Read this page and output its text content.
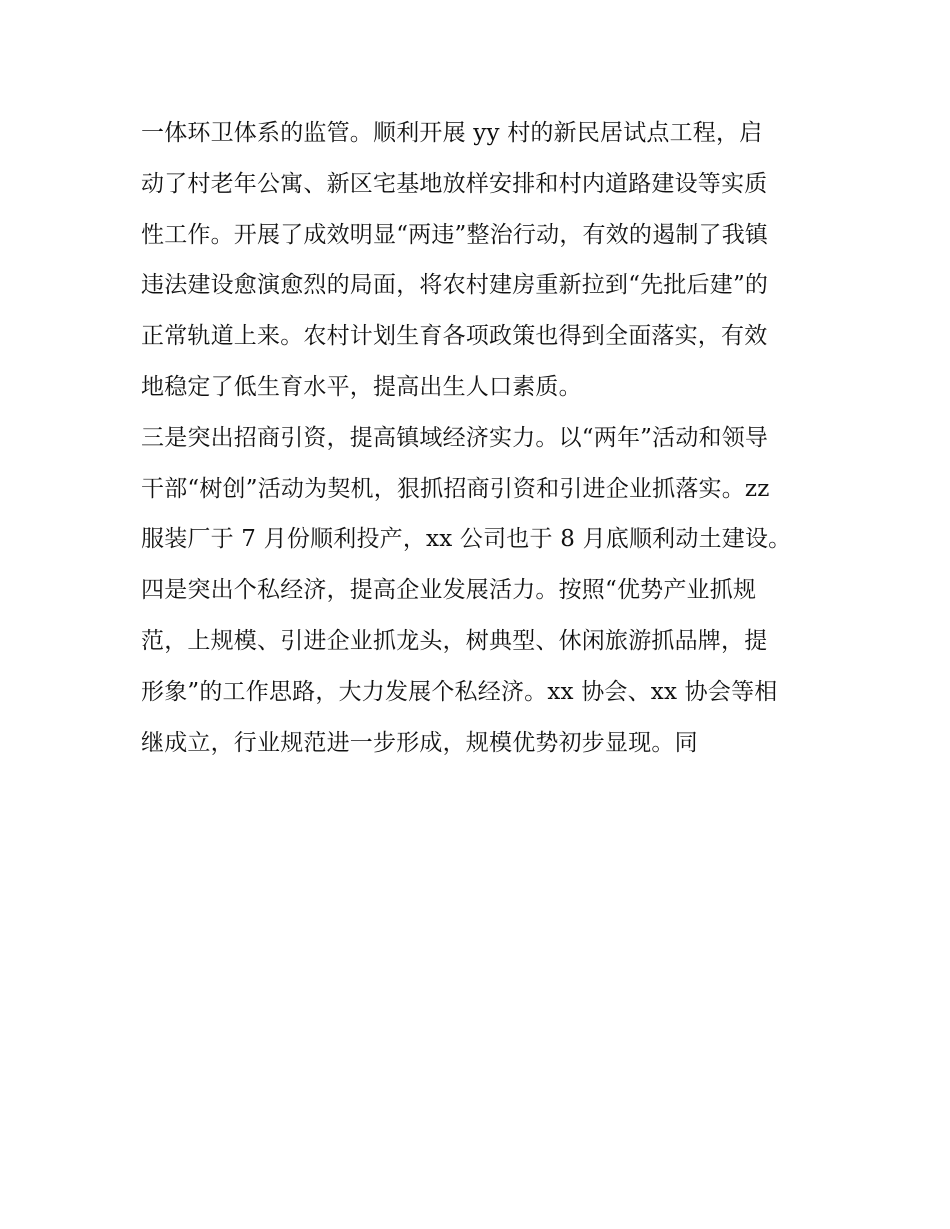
一体环卫体系的监管。顺利开展 yy 村的新民居试点工程，启
动了村老年公寓、新区宅基地放样安排和村内道路建设等实质
性工作。开展了成效明显“两违”整治行动，有效的遏制了我镇
违法建设愈演愈烈的局面，将农村建房重新拉到“先批后建”的
正常轨道上来。农村计划生育各项政策也得到全面落实，有效
地稳定了低生育水平，提高出生人口素质。
三是突出招商引资，提高镇域经济实力。以“两年”活动和领导
干部“树创”活动为契机，狠抓招商引资和引进企业抓落实。zz
服装厂于 7 月份顺利投产，xx 公司也于 8 月底顺利动土建设。
四是突出个私经济，提高企业发展活力。按照“优势产业抓规
范，上规模、引进企业抓龙头，树典型、休闲旅游抓品牌，提
形象”的工作思路，大力发展个私经济。xx 协会、xx 协会等相
继成立，行业规范进一步形成，规模优势初步显现。同
